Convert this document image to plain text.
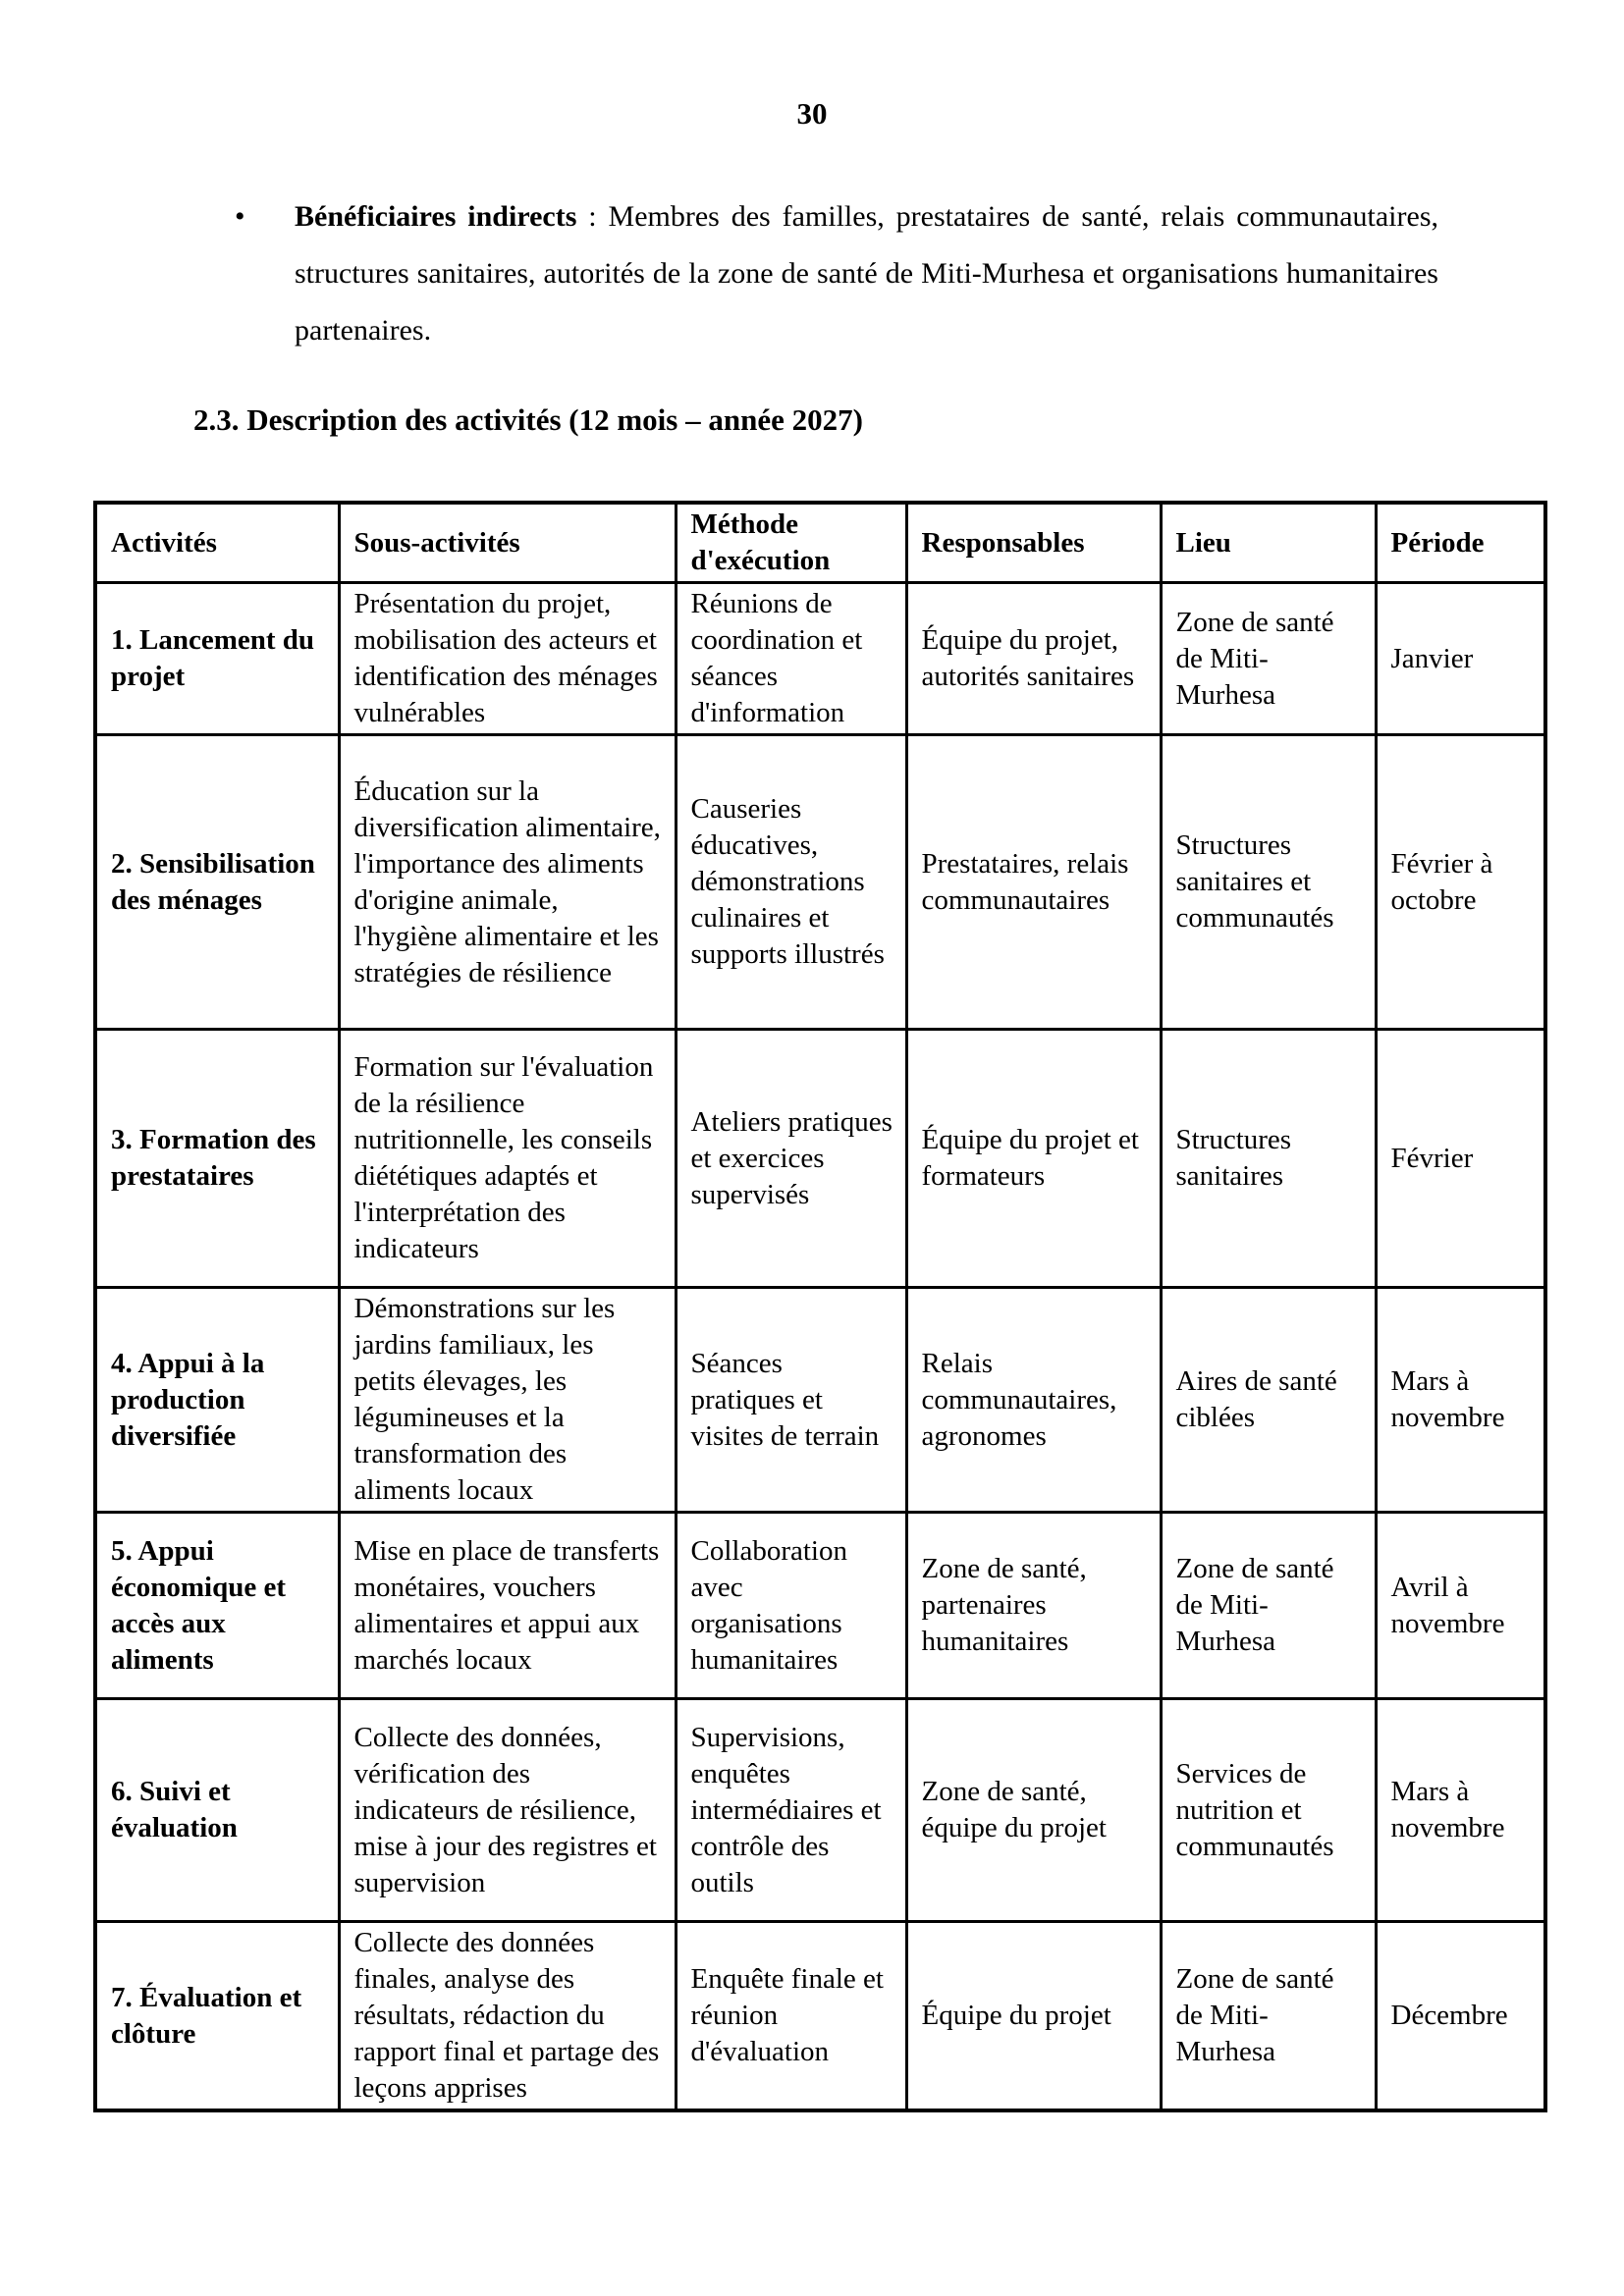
30
• Bénéficiaires indirects : Membres des familles, prestataires de santé, relais communautaires, structures sanitaires, autorités de la zone de santé de Miti-Murhesa et organisations humanitaires partenaires.
2.3. Description des activités (12 mois – année 2027)
Activités	Sous-activités	Méthode d'exécution	Responsables	Lieu	Période
1. Lancement du projet	Présentation du projet, mobilisation des acteurs et identification des ménages vulnérables	Réunions de coordination et séances d'information	Équipe du projet, autorités sanitaires	Zone de santé de Miti-Murhesa	Janvier
2. Sensibilisation des ménages	Éducation sur la diversification alimentaire, l'importance des aliments d'origine animale, l'hygiène alimentaire et les stratégies de résilience	Causeries éducatives, démonstrations culinaires et supports illustrés	Prestataires, relais communautaires	Structures sanitaires et communautés	Février à octobre
3. Formation des prestataires	Formation sur l'évaluation de la résilience nutritionnelle, les conseils diététiques adaptés et l'interprétation des indicateurs	Ateliers pratiques et exercices supervisés	Équipe du projet et formateurs	Structures sanitaires	Février
4. Appui à la production diversifiée	Démonstrations sur les jardins familiaux, les petits élevages, les légumineuses et la transformation des aliments locaux	Séances pratiques et visites de terrain	Relais communautaires, agronomes	Aires de santé ciblées	Mars à novembre
5. Appui économique et accès aux aliments	Mise en place de transferts monétaires, vouchers alimentaires et appui aux marchés locaux	Collaboration avec organisations humanitaires	Zone de santé, partenaires humanitaires	Zone de santé de Miti-Murhesa	Avril à novembre
6. Suivi et évaluation	Collecte des données, vérification des indicateurs de résilience, mise à jour des registres et supervision	Supervisions, enquêtes intermédiaires et contrôle des outils	Zone de santé, équipe du projet	Services de nutrition et communautés	Mars à novembre
7. Évaluation et clôture	Collecte des données finales, analyse des résultats, rédaction du rapport final et partage des leçons apprises	Enquête finale et réunion d'évaluation	Équipe du projet	Zone de santé de Miti-Murhesa	Décembre
